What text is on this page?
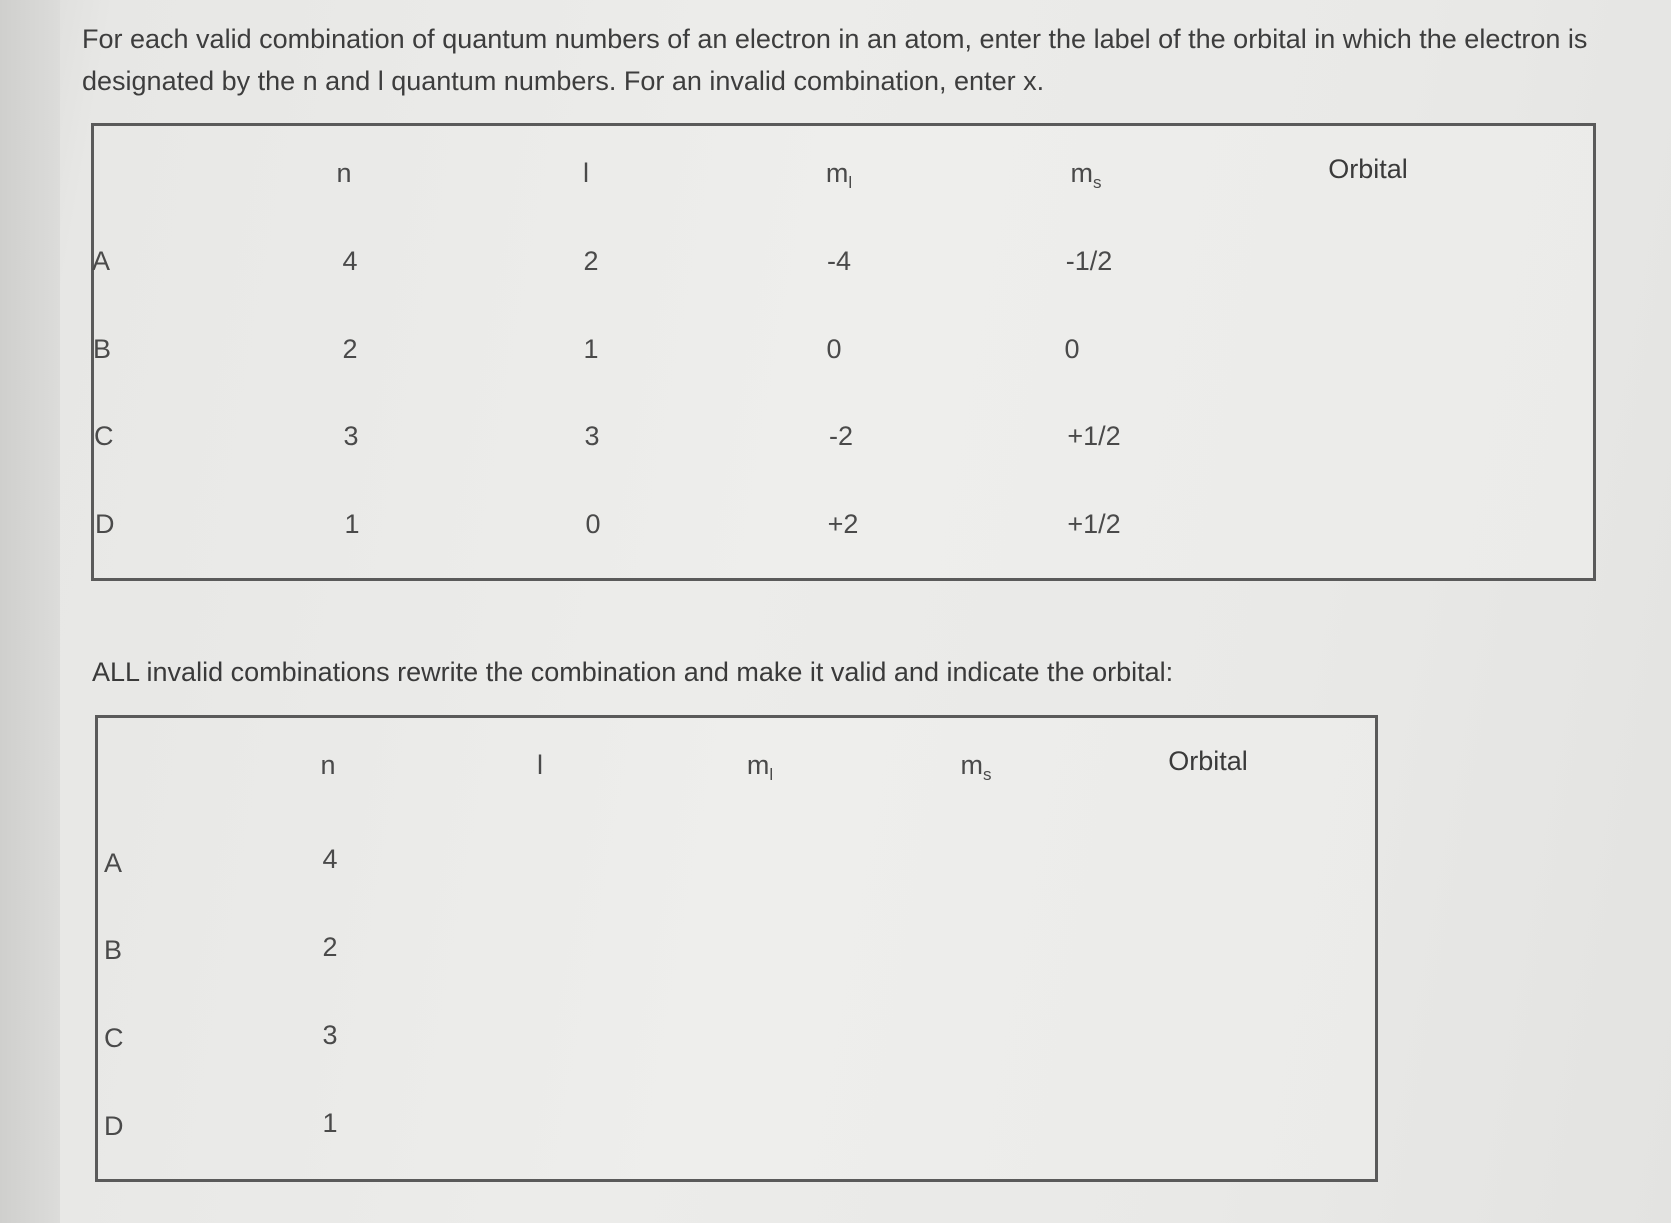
For each valid combination of quantum numbers of an electron in an atom, enter the label of the orbital in which the electron is designated by the n and l quantum numbers. For an invalid combination, enter x.
n	l	$m_l$	$m_s$	Orbital
A	4	2	-4	-1/2
B	2	1	0	0
C	3	3	-2	+1/2
D	1	0	+2	+1/2
ALL invalid combinations rewrite the combination and make it valid and indicate the orbital:
n	l	$m_l$	$m_s$	Orbital
A	4
B	2
C	3
D	1
